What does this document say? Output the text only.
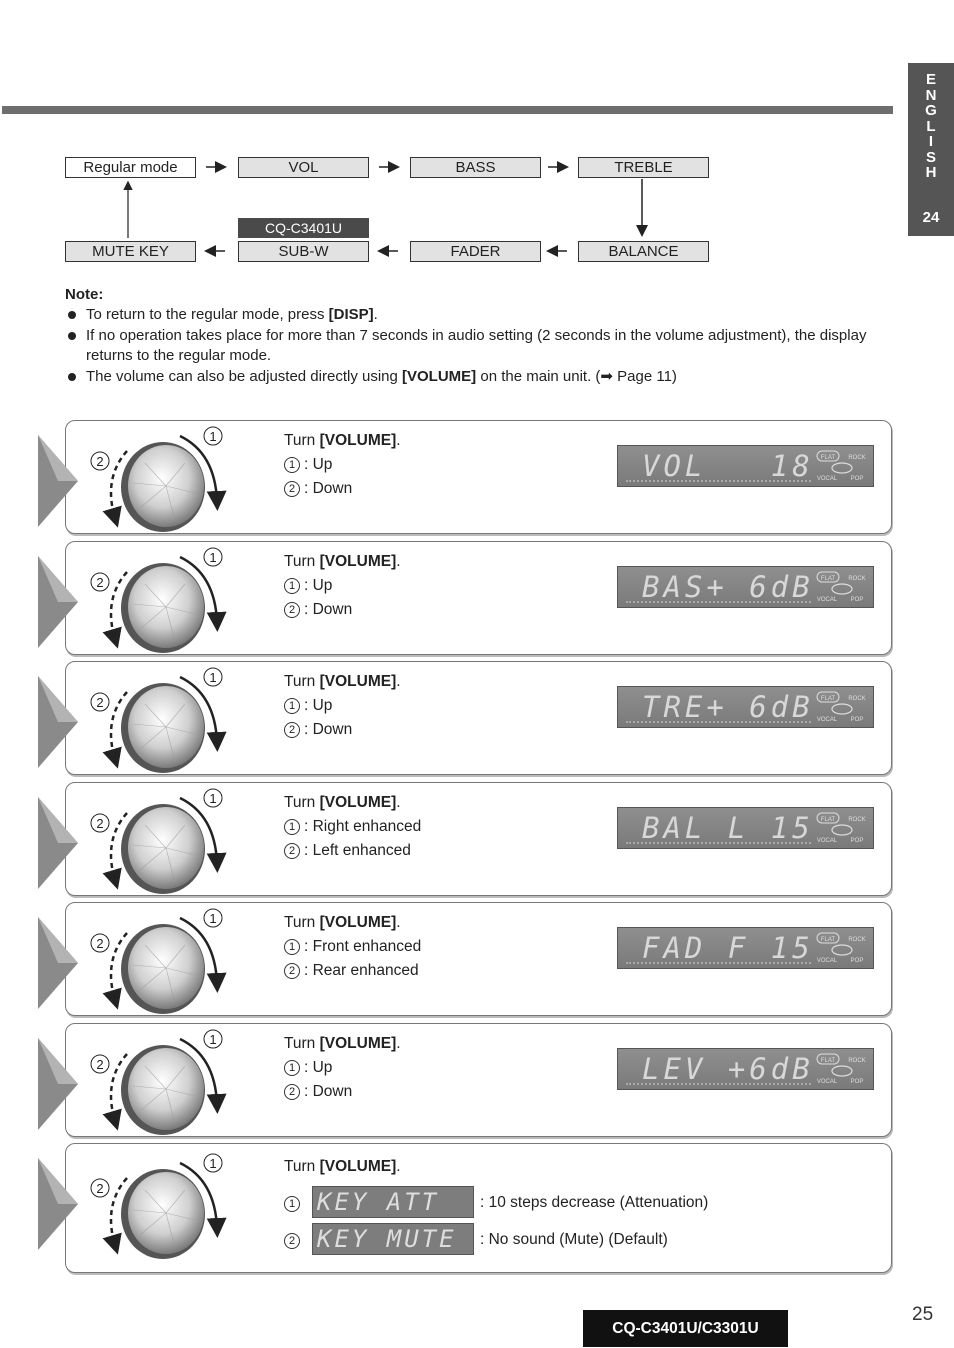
E
N
G
L
I
S
H
24
Regular mode	VOL	BASS	TREBLE
CQ-C3401U
MUTE KEY	SUB-W	FADER	BALANCE
Note:
To return to the regular mode, press [DISP].
If no operation takes place for more than 7 seconds in audio setting (2 seconds in the volume adjustment), the display returns to the regular mode.
The volume can also be adjusted directly using [VOLUME] on the main unit. (➡ Page 11)
1
2
Turn [VOLUME].
1 : Up
2 : Down
VOL   18 FLAT ROCK
VOCAL POP
1
2
Turn [VOLUME].
1 : Up
2 : Down
BAS+ 6dB FLAT ROCK
VOCAL POP
1
2
Turn [VOLUME].
1 : Up
2 : Down
TRE+ 6dB FLAT ROCK
VOCAL POP
1
2
Turn [VOLUME].
1 : Right enhanced
2 : Left enhanced
BAL L 15 FLAT ROCK
VOCAL POP
1
2
Turn [VOLUME].
1 : Front enhanced
2 : Rear enhanced
FAD F 15 FLAT ROCK
VOCAL POP
1
2
Turn [VOLUME].
1 : Up
2 : Down
LEV +6dB FLAT ROCK
VOCAL POP
1
2
Turn [VOLUME].
1 KEY ATT	: 10 steps decrease (Attenuation)
2 KEY MUTE : No sound (Mute) (Default)
CQ-C3401U/C3301U
25
